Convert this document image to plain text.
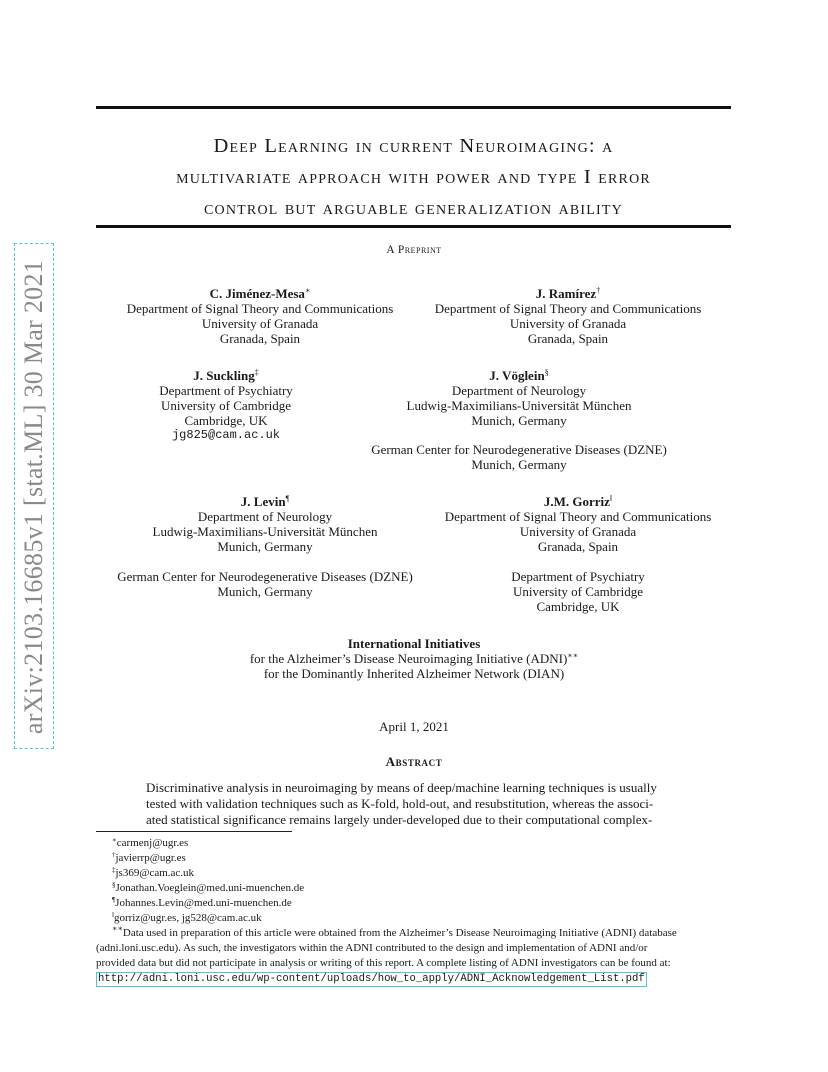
arXiv:2103.16685v1 [stat.ML] 30 Mar 2021
Deep Learning in current Neuroimaging: a
multivariate approach with power and type I error
control but arguable generalization ability
A Preprint
C. Jiménez-Mesa∗
Department of Signal Theory and Communications
University of Granada
Granada, Spain
J. Ramírez†
Department of Signal Theory and Communications
University of Granada
Granada, Spain
J. Suckling‡
Department of Psychiatry
University of Cambridge
Cambridge, UK
jg825@cam.ac.uk
J. Vöglein§
Department of Neurology
Ludwig-Maximilians-Universität München
Munich, Germany
German Center for Neurodegenerative Diseases (DZNE)
Munich, Germany
J. Levin¶
Department of Neurology
Ludwig-Maximilians-Universität München
Munich, Germany
German Center for Neurodegenerative Diseases (DZNE)
Munich, Germany
J.M. Gorriz‖
Department of Signal Theory and Communications
University of Granada
Granada, Spain
Department of Psychiatry
University of Cambridge
Cambridge, UK
International Initiatives
for the Alzheimer’s Disease Neuroimaging Initiative (ADNI)∗∗
for the Dominantly Inherited Alzheimer Network (DIAN)
April 1, 2021
Abstract
Discriminative analysis in neuroimaging by means of deep/machine learning techniques is usually
tested with validation techniques such as K-fold, hold-out, and resubstitution, whereas the associ-
ated statistical significance remains largely under-developed due to their computational complex-
∗carmenj@ugr.es
†javierrp@ugr.es
‡js369@cam.ac.uk
§Jonathan.Voeglein@med.uni-muenchen.de
¶Johannes.Levin@med.uni-muenchen.de
‖gorriz@ugr.es, jg528@cam.ac.uk
∗∗Data used in preparation of this article were obtained from the Alzheimer’s Disease Neuroimaging Initiative (ADNI) database
(adni.loni.usc.edu). As such, the investigators within the ADNI contributed to the design and implementation of ADNI and/or
provided data but did not participate in analysis or writing of this report. A complete listing of ADNI investigators can be found at:
http://adni.loni.usc.edu/wp-content/uploads/how_to_apply/ADNI_Acknowledgement_List.pdf
